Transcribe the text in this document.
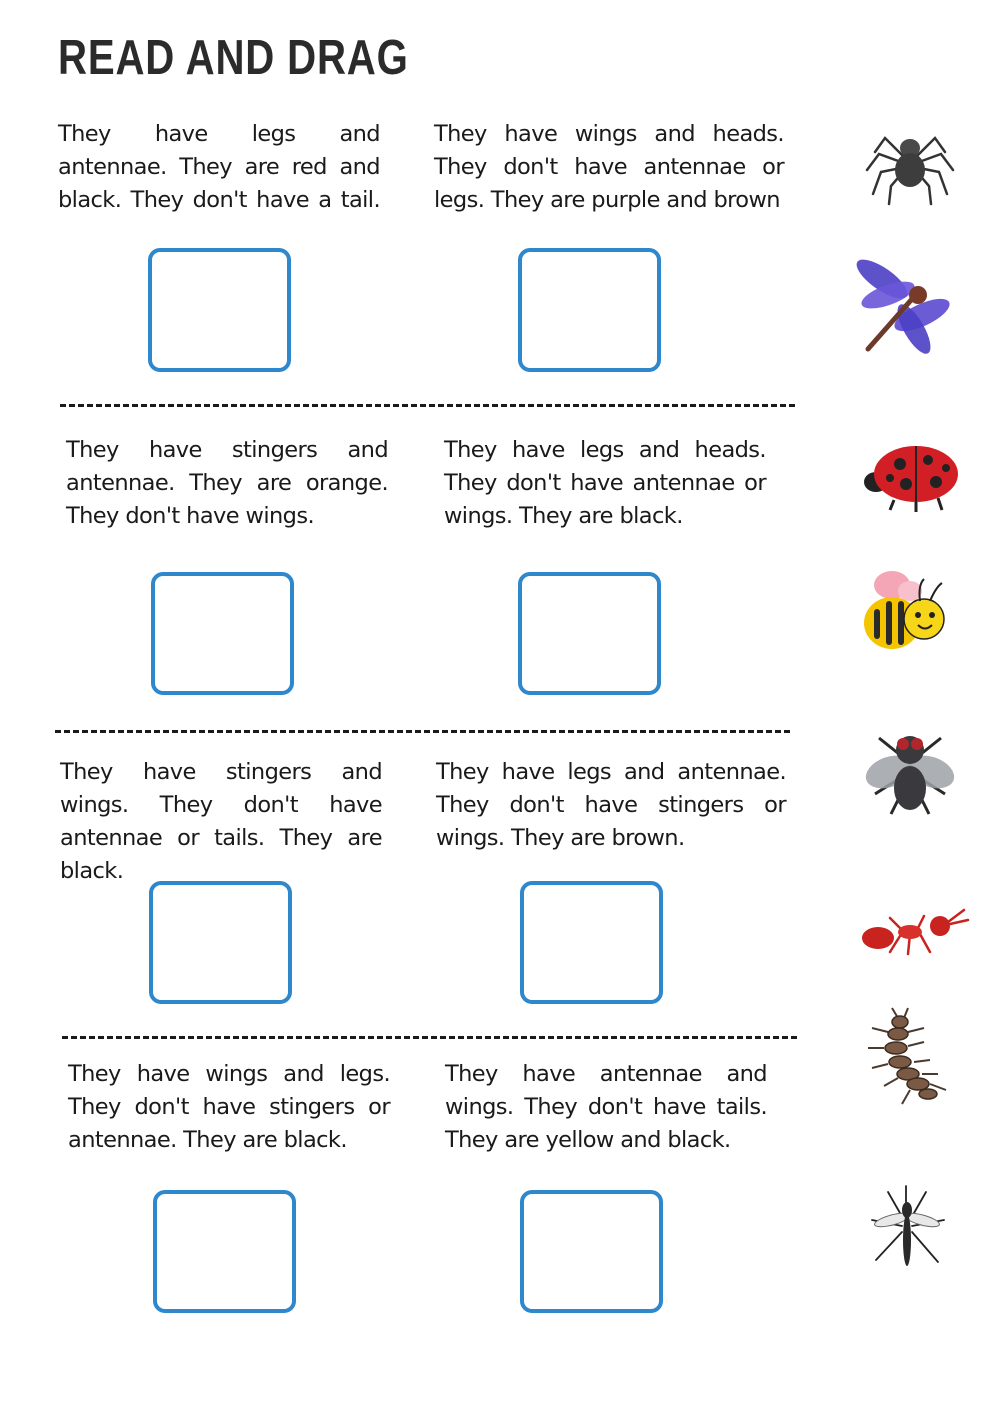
READ AND DRAG
They have legs and antennae. They are red and black. They don't have a tail.
They have wings and heads. They don't have antennae or legs. They are purple and brown
They have stingers and antennae. They are orange. They don't have wings.
They have legs and heads. They don't have antennae or wings. They are black.
They have stingers and wings. They don't have antennae or tails. They are black.
They have legs and antennae. They don't have stingers or wings. They are brown.
They have wings and legs. They don't have stingers or antennae. They are black.
They have antennae and wings. They don't have tails. They are yellow and black.
